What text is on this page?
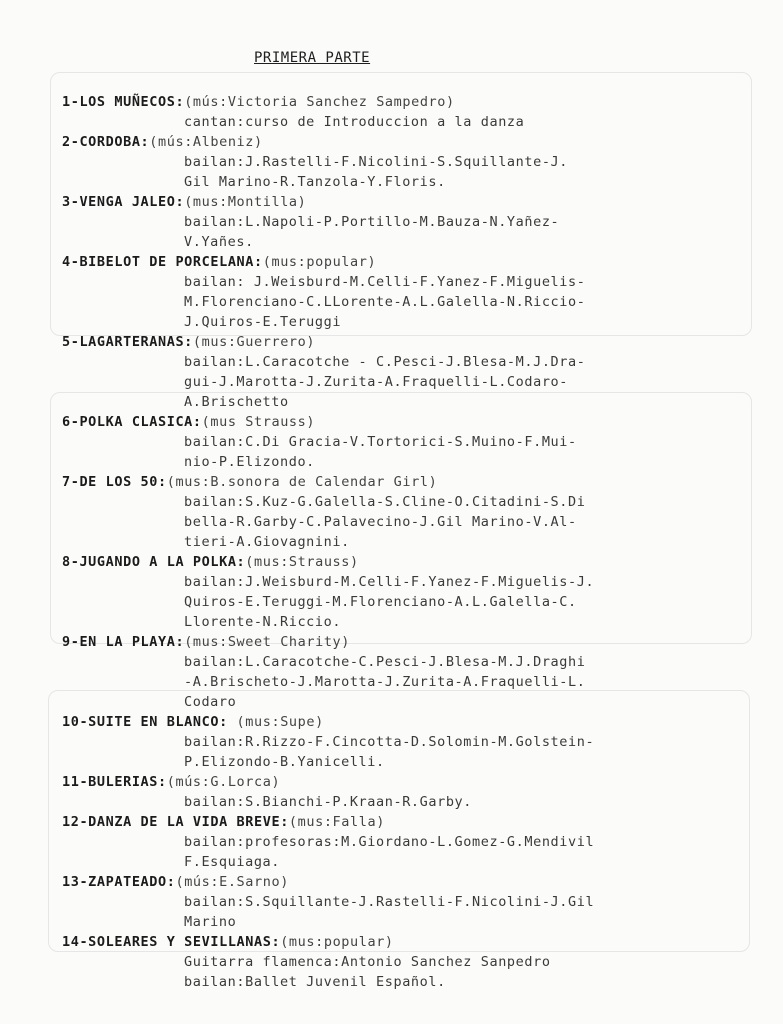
PRIMERA PARTE
1-LOS MUÑECOS:(mús:Victoria Sanchez Sampedro)
cantan:curso de Introduccion a la danza
2-CORDOBA:(mús:Albeniz)
bailan:J.Rastelli-F.Nicolini-S.Squillante-J.
Gil Marino-R.Tanzola-Y.Floris.
3-VENGA JALEO:(mus:Montilla)
bailan:L.Napoli-P.Portillo-M.Bauza-N.Yañez-
V.Yañes.
4-BIBELOT DE PORCELANA:(mus:popular)
bailan: J.Weisburd-M.Celli-F.Yanez-F.Miguelis-
M.Florenciano-C.LLorente-A.L.Galella-N.Riccio-
J.Quiros-E.Teruggi
5-LAGARTERANAS:(mus:Guerrero)
bailan:L.Caracotche - C.Pesci-J.Blesa-M.J.Dra-
gui-J.Marotta-J.Zurita-A.Fraquelli-L.Codaro-
A.Brischetto
6-POLKA CLASICA:(mus Strauss)
bailan:C.Di Gracia-V.Tortorici-S.Muino-F.Mui-
nio-P.Elizondo.
7-DE LOS 50:(mus:B.sonora de Calendar Girl)
bailan:S.Kuz-G.Galella-S.Cline-O.Citadini-S.Di
bella-R.Garby-C.Palavecino-J.Gil Marino-V.Al-
tieri-A.Giovagnini.
8-JUGANDO A LA POLKA:(mus:Strauss)
bailan:J.Weisburd-M.Celli-F.Yanez-F.Miguelis-J.
Quiros-E.Teruggi-M.Florenciano-A.L.Galella-C.
Llorente-N.Riccio.
9-EN LA PLAYA:(mus:Sweet Charity)
bailan:L.Caracotche-C.Pesci-J.Blesa-M.J.Draghi
-A.Brischeto-J.Marotta-J.Zurita-A.Fraquelli-L.
Codaro
10-SUITE EN BLANCO: (mus:Supe)
bailan:R.Rizzo-F.Cincotta-D.Solomin-M.Golstein-
P.Elizondo-B.Yanicelli.
11-BULERIAS:(mús:G.Lorca)
bailan:S.Bianchi-P.Kraan-R.Garby.
12-DANZA DE LA VIDA BREVE:(mus:Falla)
bailan:profesoras:M.Giordano-L.Gomez-G.Mendivil
F.Esquiaga.
13-ZAPATEADO:(mús:E.Sarno)
bailan:S.Squillante-J.Rastelli-F.Nicolini-J.Gil
Marino
14-SOLEARES Y SEVILLANAS:(mus:popular)
Guitarra flamenca:Antonio Sanchez Sanpedro
bailan:Ballet Juvenil Español.
